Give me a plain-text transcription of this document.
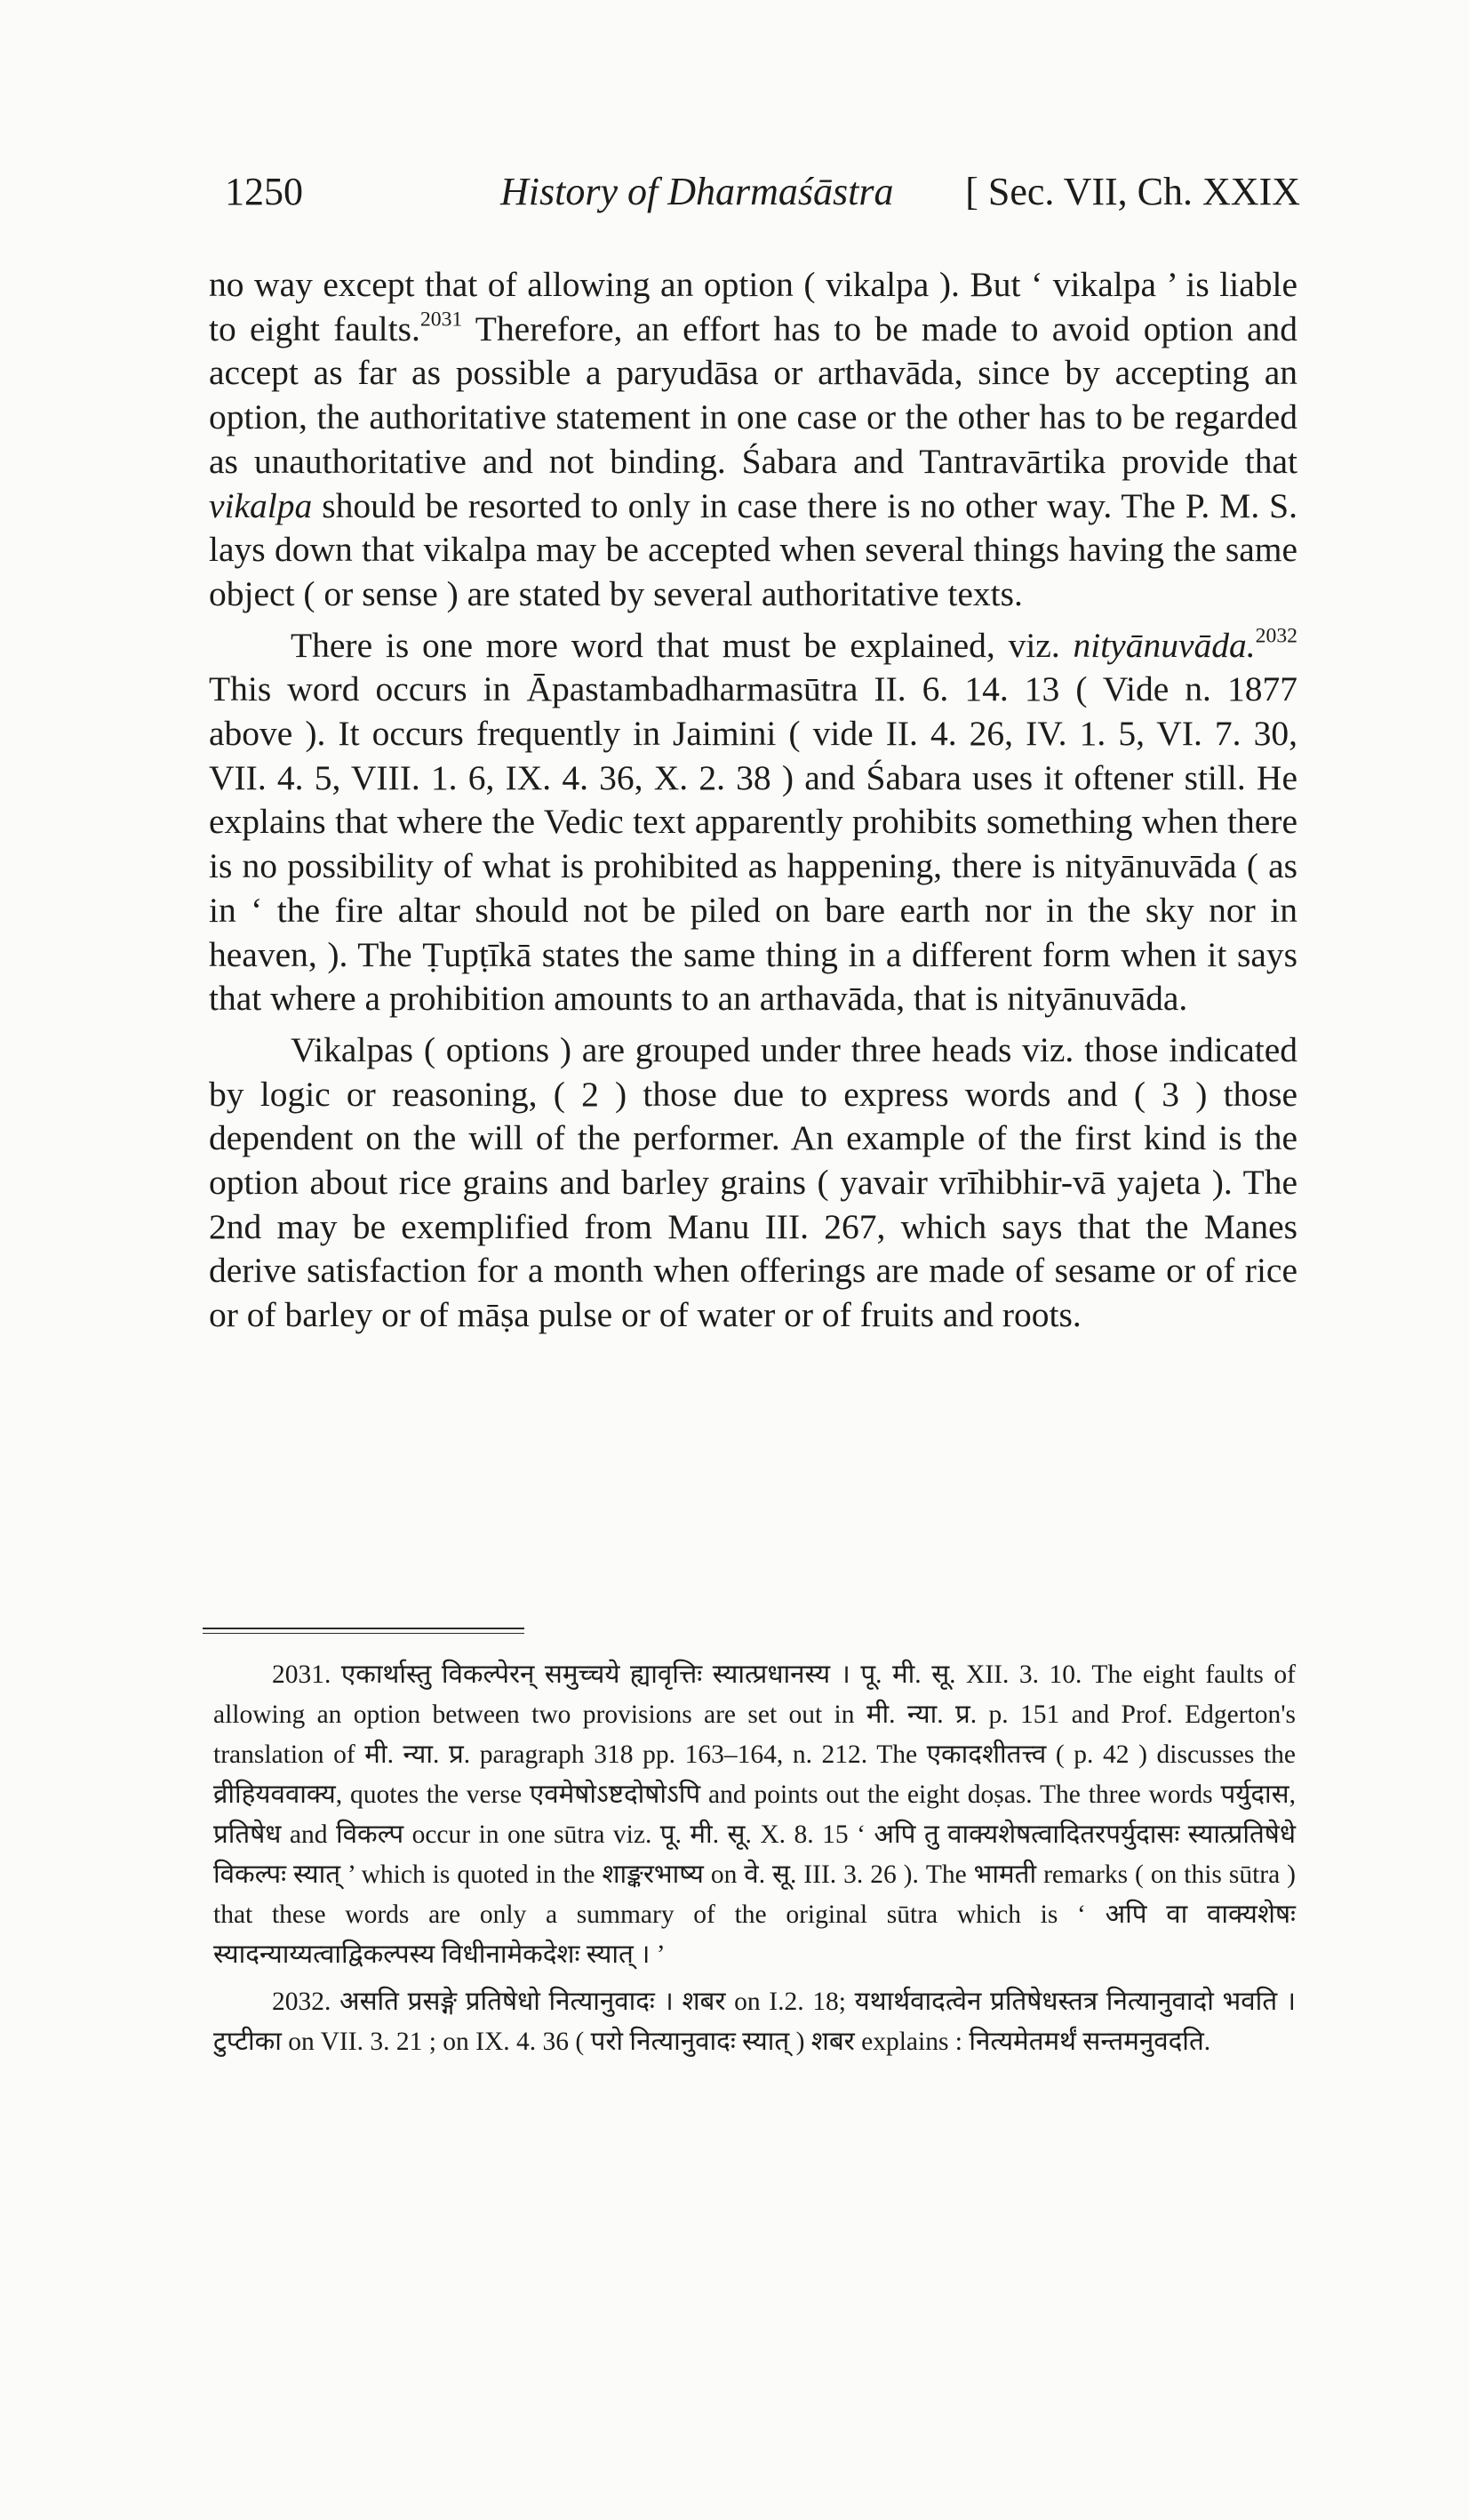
1250	History of Dharmaśāstra [ Sec. VII, Ch. XXIX

no way except that of allowing an option ( vikalpa ). But ‘ vikalpa ’ is liable to eight faults.$^{2031}$ Therefore, an effort has to be made to avoid option and accept as far as possible a paryudāsa or arthavāda, since by accepting an option, the authoritative statement in one case or the other has to be regarded as unauthoritative and not binding. Śabara and Tantravārtika provide that vikalpa should be resorted to only in case there is no other way. The P. M. S. lays down that vikalpa may be accepted when several things having the same object ( or sense ) are stated by several authoritative texts.

There is one more word that must be explained, viz. nityānuvāda.$^{2032}$ This word occurs in Āpastambadharmasūtra II. 6. 14. 13 ( Vide n. 1877 above ). It occurs frequently in Jaimini ( vide II. 4. 26, IV. 1. 5, VI. 7. 30, VII. 4. 5, VIII. 1. 6, IX. 4. 36, X. 2. 38 ) and Śabara uses it oftener still. He explains that where the Vedic text apparently prohibits something when there is no possibility of what is prohibited as happening, there is nityānuvāda ( as in ‘ the fire altar should not be piled on bare earth nor in the sky nor in heaven, ). The Ṭupṭīkā states the same thing in a different form when it says that where a prohibition amounts to an arthavāda, that is nityānuvāda.

Vikalpas ( options ) are grouped under three heads viz. those indicated by logic or reasoning, ( 2 ) those due to express words and ( 3 ) those dependent on the will of the performer. An example of the first kind is the option about rice grains and barley grains ( yavair vrīhibhir-vā yajeta ). The 2nd may be exemplified from Manu III. 267, which says that the Manes derive satisfaction for a month when offerings are made of sesame or of rice or of barley or of māṣa pulse or of water or of fruits and roots.

2031. एकार्थास्तु विकल्पेरन् समुच्चये ह्यावृत्तिः स्यात्प्रधानस्य । पू. मी. सू. XII. 3. 10. The eight faults of allowing an option between two provisions are set out in मी. न्या. प्र. p. 151 and Prof. Edgerton's translation of मी. न्या. प्र. paragraph 318 pp. 163–164, n. 212. The एकादशीतत्त्व ( p. 42 ) discusses the व्रीहियववाक्य, quotes the verse एवमेषोऽष्टदोषोऽपि and points out the eight doṣas. The three words पर्युदास, प्रतिषेध and विकल्प occur in one sūtra viz. पू. मी. सू. X. 8. 15 ‘ अपि तु वाक्यशेषत्वादितरपर्युदासः स्यात्प्रतिषेधे विकल्पः स्यात् ’ which is quoted in the शाङ्करभाष्य on वे. सू. III. 3. 26 ). The भामती remarks ( on this sūtra ) that these words are only a summary of the original sūtra which is ‘ अपि वा वाक्यशेषः स्यादन्याय्यत्वाद्विकल्पस्य विधीनामेकदेशः स्यात् । ’

2032. असति प्रसङ्गे प्रतिषेधो नित्यानुवादः । शबर on I.2. 18; यथार्थवादत्वेन प्रतिषेधस्तत्र नित्यानुवादो भवति । टुप्टीका on VII. 3. 21 ; on IX. 4. 36 ( परो नित्यानुवादः स्यात् ) शबर explains : नित्यमेतमर्थं सन्तमनुवदति.
